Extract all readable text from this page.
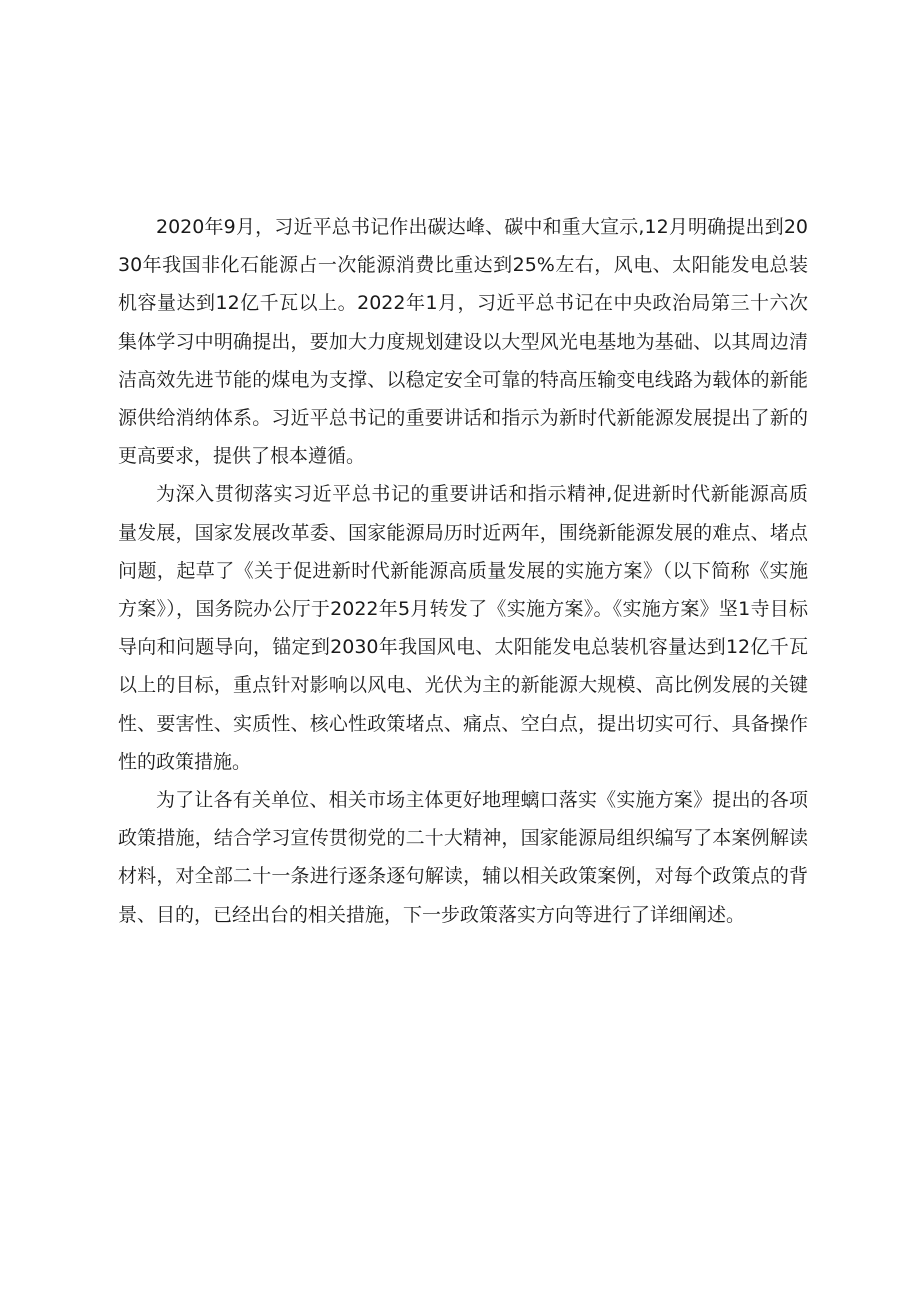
2020年9月，习近平总书记作出碳达峰、碳中和重大宣示,12月明确提出到2030年我国非化石能源占一次能源消费比重达到25%左右，风电、太阳能发电总装机容量达到12亿千瓦以上。2022年1月，习近平总书记在中央政治局第三十六次集体学习中明确提出，要加大力度规划建设以大型风光电基地为基础、以其周边清洁高效先进节能的煤电为支撑、以稳定安全可靠的特高压输变电线路为载体的新能源供给消纳体系。习近平总书记的重要讲话和指示为新时代新能源发展提出了新的更高要求，提供了根本遵循。

为深入贯彻落实习近平总书记的重要讲话和指示精神,促进新时代新能源高质量发展，国家发展改革委、国家能源局历时近两年，围绕新能源发展的难点、堵点问题，起草了《关于促进新时代新能源高质量发展的实施方案》（以下简称《实施方案》），国务院办公厅于2022年5月转发了《实施方案》。《实施方案》坚1寺目标导向和问题导向，锚定到2030年我国风电、太阳能发电总装机容量达到12亿千瓦以上的目标，重点针对影响以风电、光伏为主的新能源大规模、高比例发展的关键性、要害性、实质性、核心性政策堵点、痛点、空白点，提出切实可行、具备操作性的政策措施。

为了让各有关单位、相关市场主体更好地理螭口落实《实施方案》提出的各项政策措施，结合学习宣传贯彻党的二十大精神，国家能源局组织编写了本案例解读材料，对全部二十一条进行逐条逐句解读，辅以相关政策案例，对每个政策点的背景、目的，已经出台的相关措施，下一步政策落实方向等进行了详细阐述。
